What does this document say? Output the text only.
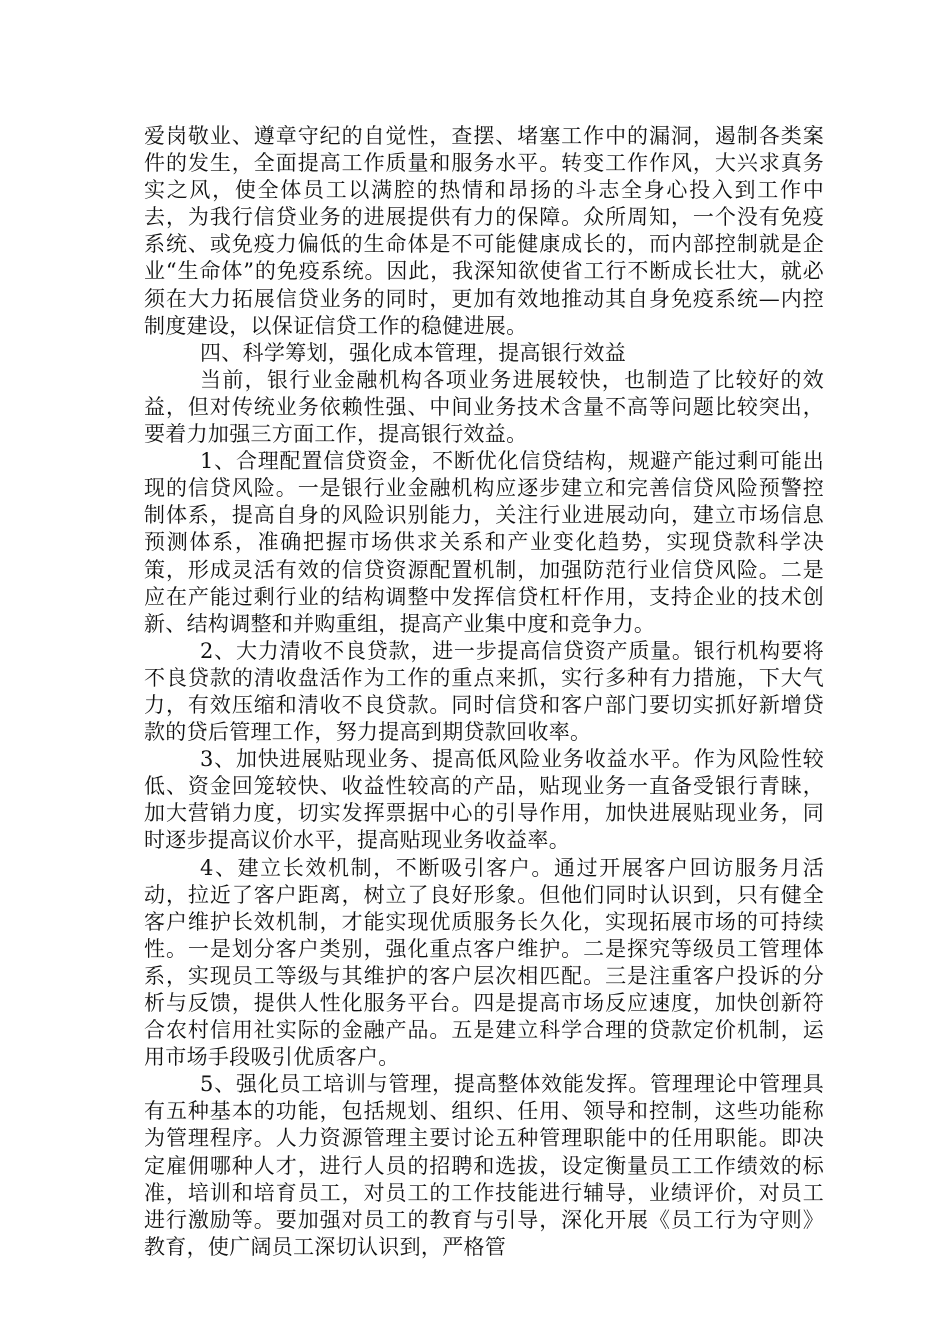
爱岗敬业、遵章守纪的自觉性，查摆、堵塞工作中的漏洞，遏制各类案件的发生，全面提高工作质量和服务水平。转变工作作风，大兴求真务实之风，使全体员工以满腔的热情和昂扬的斗志全身心投入到工作中去，为我行信贷业务的进展提供有力的保障。众所周知，一个没有免疫系统、或免疫力偏低的生命体是不可能健康成长的，而内部控制就是企业“生命体”的免疫系统。因此，我深知欲使省工行不断成长壮大，就必须在大力拓展信贷业务的同时，更加有效地推动其自身免疫系统—内控制度建设，以保证信贷工作的稳健进展。

四、科学筹划，强化成本管理，提高银行效益

当前，银行业金融机构各项业务进展较快，也制造了比较好的效益，但对传统业务依赖性强、中间业务技术含量不高等问题比较突出，要着力加强三方面工作，提高银行效益。

1、合理配置信贷资金，不断优化信贷结构，规避产能过剩可能出现的信贷风险。一是银行业金融机构应逐步建立和完善信贷风险预警控制体系，提高自身的风险识别能力，关注行业进展动向，建立市场信息预测体系，准确把握市场供求关系和产业变化趋势，实现贷款科学决策，形成灵活有效的信贷资源配置机制，加强防范行业信贷风险。二是应在产能过剩行业的结构调整中发挥信贷杠杆作用，支持企业的技术创新、结构调整和并购重组，提高产业集中度和竞争力。

2、大力清收不良贷款，进一步提高信贷资产质量。银行机构要将不良贷款的清收盘活作为工作的重点来抓，实行多种有力措施，下大气力，有效压缩和清收不良贷款。同时信贷和客户部门要切实抓好新增贷款的贷后管理工作，努力提高到期贷款回收率。

3、加快进展贴现业务、提高低风险业务收益水平。作为风险性较低、资金回笼较快、收益性较高的产品，贴现业务一直备受银行青睐，加大营销力度，切实发挥票据中心的引导作用，加快进展贴现业务，同时逐步提高议价水平，提高贴现业务收益率。

4、建立长效机制，不断吸引客户。通过开展客户回访服务月活动，拉近了客户距离，树立了良好形象。但他们同时认识到，只有健全客户维护长效机制，才能实现优质服务长久化，实现拓展市场的可持续性。一是划分客户类别，强化重点客户维护。二是探究等级员工管理体系，实现员工等级与其维护的客户层次相匹配。三是注重客户投诉的分析与反馈，提供人性化服务平台。四是提高市场反应速度，加快创新符合农村信用社实际的金融产品。五是建立科学合理的贷款定价机制，运用市场手段吸引优质客户。

5、强化员工培训与管理，提高整体效能发挥。管理理论中管理具有五种基本的功能，包括规划、组织、任用、领导和控制，这些功能称为管理程序。人力资源管理主要讨论五种管理职能中的任用职能。即决定雇佣哪种人才，进行人员的招聘和选拔，设定衡量员工工作绩效的标准，培训和培育员工，对员工的工作技能进行辅导，业绩评价，对员工进行激励等。要加强对员工的教育与引导，深化开展《员工行为守则》教育，使广阔员工深切认识到，严格管
